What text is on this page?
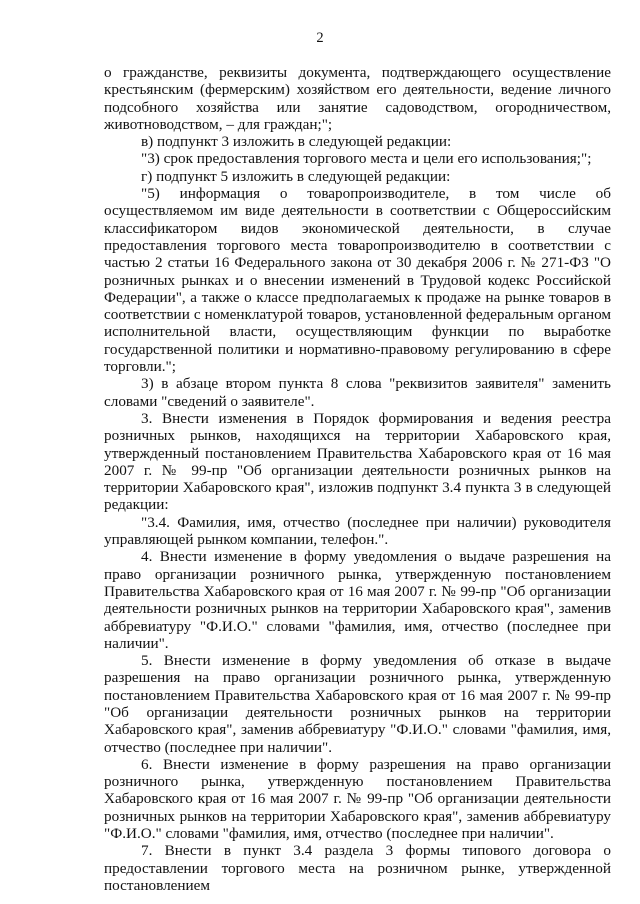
2

о гражданстве, реквизиты документа, подтверждающего осуществление крестьянским (фермерским) хозяйством его деятельности, ведение личного подсобного хозяйства или занятие садоводством, огородничеством, животноводством, – для граждан;";

в) подпункт 3 изложить в следующей редакции:

"3) срок предоставления торгового места и цели его использования;";

г) подпункт 5 изложить в следующей редакции:

"5) информация о товаропроизводителе, в том числе об осуществляемом им виде деятельности в соответствии с Общероссийским классификатором видов экономической деятельности, в случае предоставления торгового места товаропроизводителю в соответствии с частью 2 статьи 16 Федерального закона от 30 декабря 2006 г. № 271-ФЗ "О розничных рынках и о внесении изменений в Трудовой кодекс Российской Федерации", а также о классе предполагаемых к продаже на рынке товаров в соответствии с номенклатурой товаров, установленной федеральным органом исполнительной власти, осуществляющим функции по выработке государственной политики и нормативно-правовому регулированию в сфере торговли.";

3) в абзаце втором пункта 8 слова "реквизитов заявителя" заменить словами "сведений о заявителе".

3. Внести изменения в Порядок формирования и ведения реестра розничных рынков, находящихся на территории Хабаровского края, утвержденный постановлением Правительства Хабаровского края от 16 мая 2007 г. № 99-пр "Об организации деятельности розничных рынков на территории Хабаровского края", изложив подпункт 3.4 пункта 3 в следующей редакции:

"3.4. Фамилия, имя, отчество (последнее при наличии) руководителя управляющей рынком компании, телефон.".

4. Внести изменение в форму уведомления о выдаче разрешения на право организации розничного рынка, утвержденную постановлением Правительства Хабаровского края от 16 мая 2007 г. № 99-пр "Об организации деятельности розничных рынков на территории Хабаровского края", заменив аббревиатуру "Ф.И.О." словами "фамилия, имя, отчество (последнее при наличии".

5. Внести изменение в форму уведомления об отказе в выдаче разрешения на право организации розничного рынка, утвержденную постановлением Правительства Хабаровского края от 16 мая 2007 г. № 99-пр "Об организации деятельности розничных рынков на территории Хабаровского края", заменив аббревиатуру "Ф.И.О." словами "фамилия, имя, отчество (последнее при наличии".

6. Внести изменение в форму разрешения на право организации розничного рынка, утвержденную постановлением Правительства Хабаровского края от 16 мая 2007 г. № 99-пр "Об организации деятельности розничных рынков на территории Хабаровского края", заменив аббревиатуру "Ф.И.О." словами "фамилия, имя, отчество (последнее при наличии".

7. Внести в пункт 3.4 раздела 3 формы типового договора о предоставлении торгового места на розничном рынке, утвержденной постановлением
